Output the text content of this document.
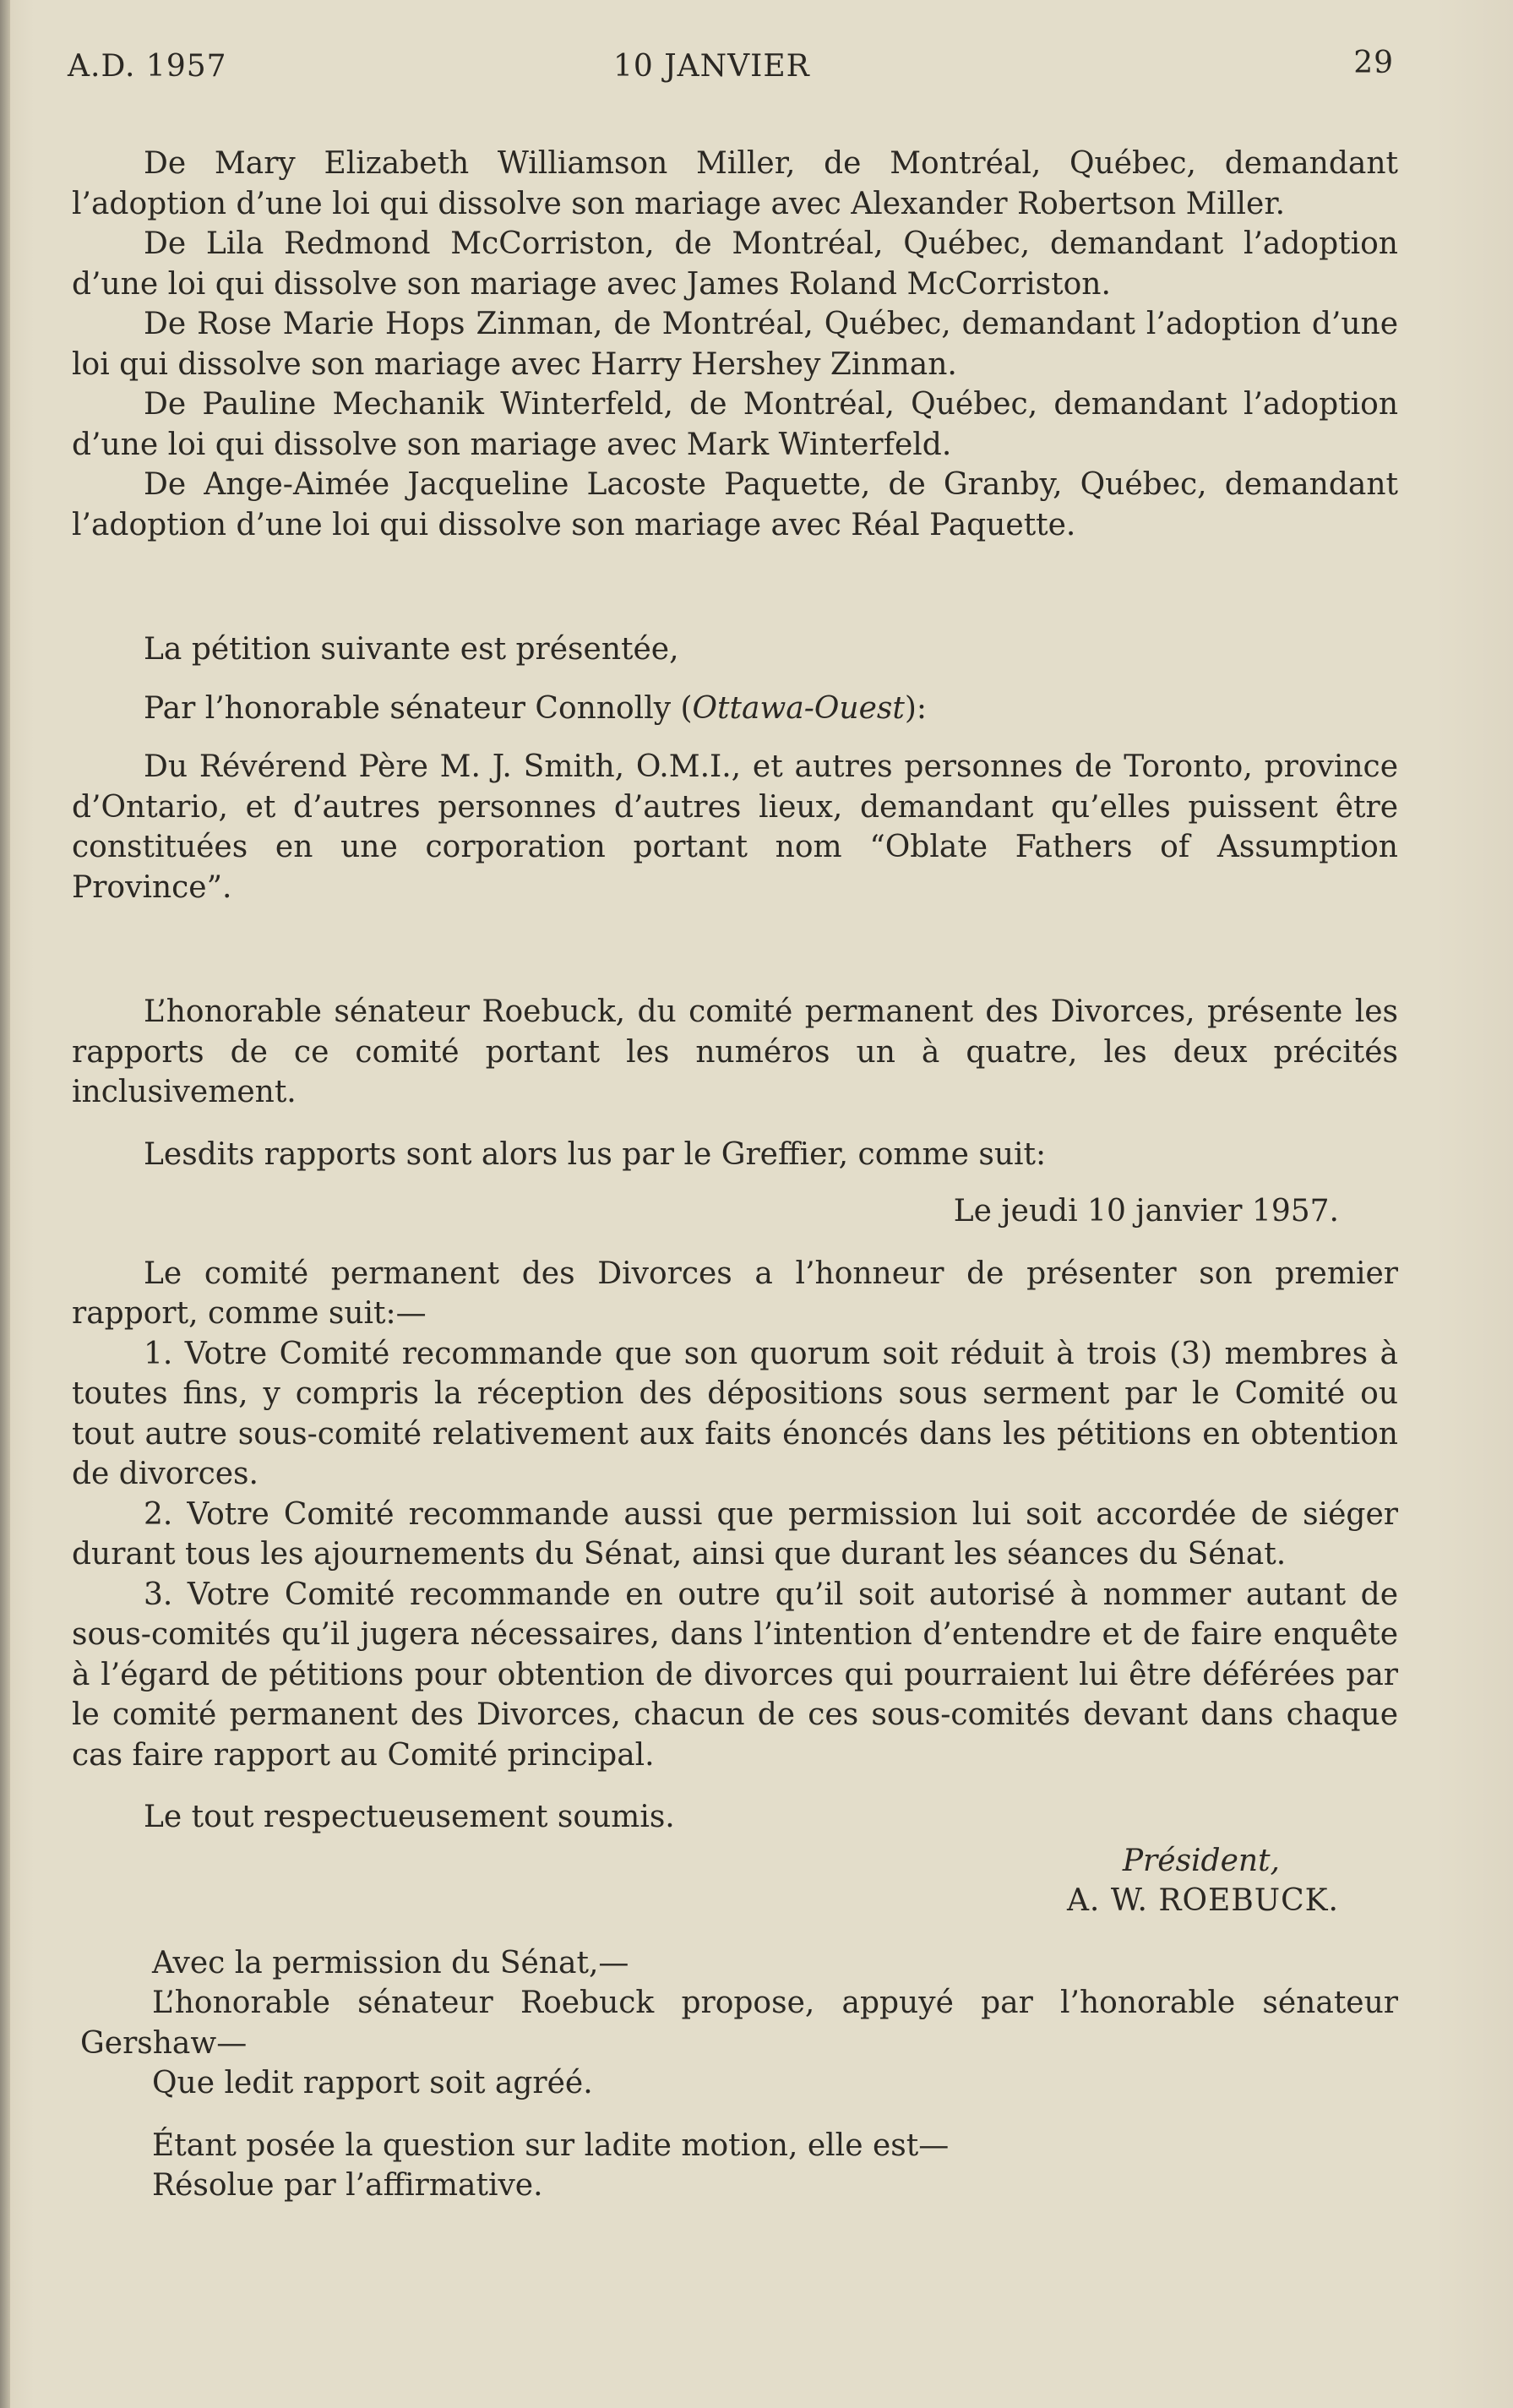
A.D. 1957	10 JANVIER	29

De Mary Elizabeth Williamson Miller, de Montréal, Québec, demandant l’adoption d’une loi qui dissolve son mariage avec Alexander Robertson Miller.

De Lila Redmond McCorriston, de Montréal, Québec, demandant l’adoption d’une loi qui dissolve son mariage avec James Roland McCorriston.

De Rose Marie Hops Zinman, de Montréal, Québec, demandant l’adoption d’une loi qui dissolve son mariage avec Harry Hershey Zinman.

De Pauline Mechanik Winterfeld, de Montréal, Québec, demandant l’adoption d’une loi qui dissolve son mariage avec Mark Winterfeld.

De Ange-Aimée Jacqueline Lacoste Paquette, de Granby, Québec, demandant l’adoption d’une loi qui dissolve son mariage avec Réal Paquette.

La pétition suivante est présentée,

Par l’honorable sénateur Connolly (Ottawa-Ouest):

Du Révérend Père M. J. Smith, O.M.I., et autres personnes de Toronto, province d’Ontario, et d’autres personnes d’autres lieux, demandant qu’elles puissent être constituées en une corporation portant nom “Oblate Fathers of Assumption Province”.

L’honorable sénateur Roebuck, du comité permanent des Divorces, présente les rapports de ce comité portant les numéros un à quatre, les deux précités inclusivement.

Lesdits rapports sont alors lus par le Greffier, comme suit:

Le jeudi 10 janvier 1957.

Le comité permanent des Divorces a l’honneur de présenter son premier rapport, comme suit:—

1. Votre Comité recommande que son quorum soit réduit à trois (3) membres à toutes fins, y compris la réception des dépositions sous serment par le Comité ou tout autre sous-comité relativement aux faits énoncés dans les pétitions en obtention de divorces.

2. Votre Comité recommande aussi que permission lui soit accordée de siéger durant tous les ajournements du Sénat, ainsi que durant les séances du Sénat.

3. Votre Comité recommande en outre qu’il soit autorisé à nommer autant de sous-comités qu’il jugera nécessaires, dans l’intention d’entendre et de faire enquête à l’égard de pétitions pour obtention de divorces qui pourraient lui être déférées par le comité permanent des Divorces, chacun de ces sous-comités devant dans chaque cas faire rapport au Comité principal.

Le tout respectueusement soumis.

Président,

A. W. ROEBUCK.

Avec la permission du Sénat,—

L’honorable sénateur Roebuck propose, appuyé par l’honorable sénateur Gershaw—

Que ledit rapport soit agréé.

Étant posée la question sur ladite motion, elle est—

Résolue par l’affirmative.
